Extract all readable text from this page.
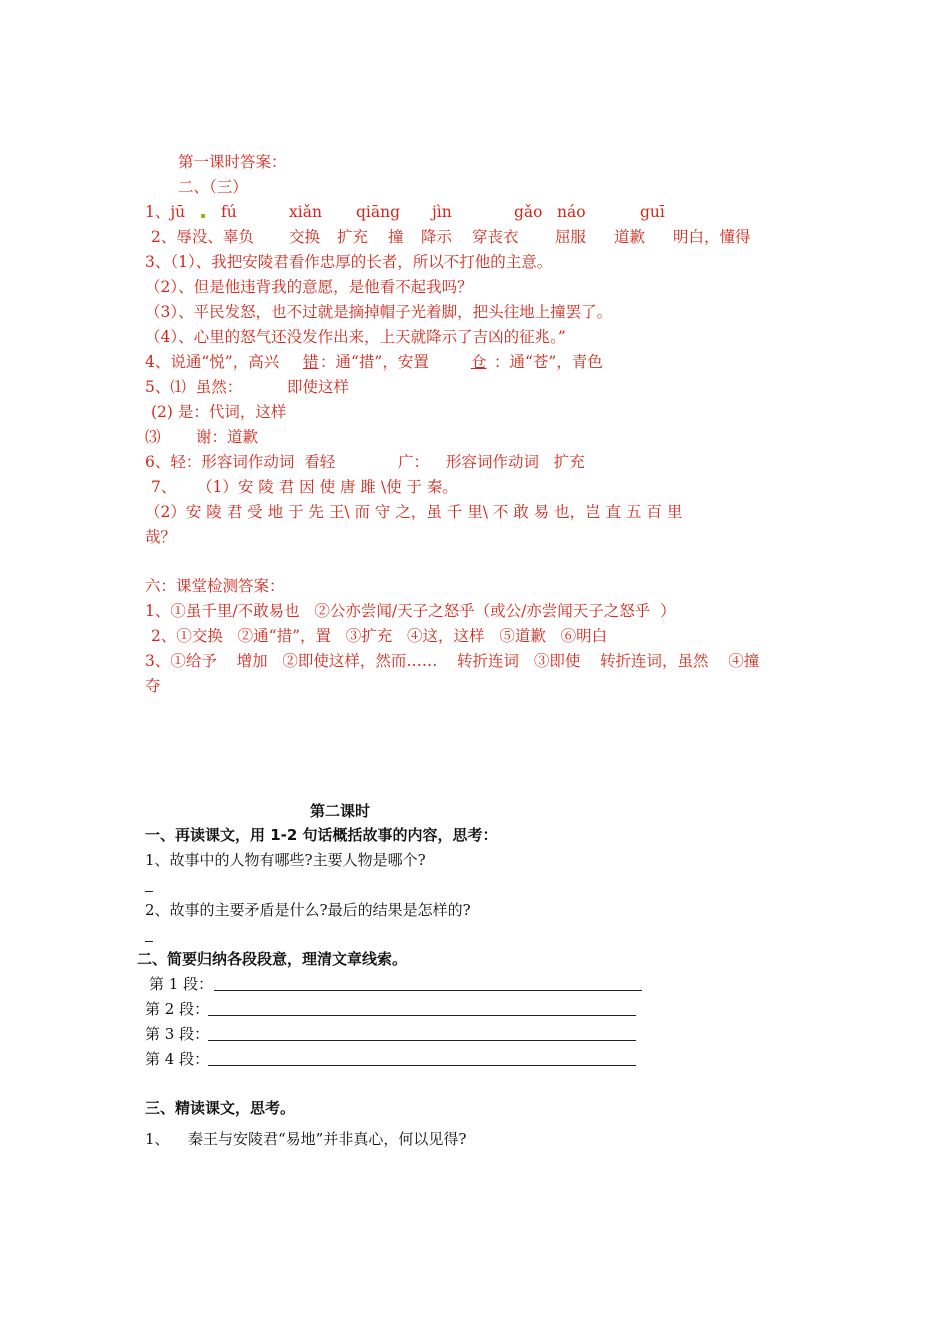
第一课时答案：
二、（三）
1、jū fú	xiǎn qiāng jìn	gǎo náo	guī
2、辱没、辜负 交换 扩充 撞 降示 穿丧衣 屈服 道歉 明白，懂得
3、（1）、我把安陵君看作忠厚的长者，所以不打他的主意。
（2）、但是他违背我的意愿，是他看不起我吗？
（3）、平民发怒，也不过就是摘掉帽子光着脚，把头往地上撞罢了。
（4）、心里的怒气还没发作出来，上天就降示了吉凶的征兆。”
4、说通“悦”，高兴 错 ：通“措”，安置	仓 ：通“苍”，青色
5、⑴  虽然：	即使这样
(2) 是：代词，这样
⑶ 谢：道歉
6、轻：形容词作动词  看轻	广： 形容词作动词   扩充
7、 （1）安 陵 君 因 使 唐 雎 \使 于 秦。
（2）安 陵 君 受 地 于 先 王\ 而 守 之，虽 千 里\ 不 敢 易 也，岂 直 五 百 里
哉？
六：课堂检测答案：
1、①虽千里/不敢易也   ②公亦尝闻/天子之怒乎（或公/亦尝闻天子之怒乎  ）
2、①交换   ②通“措”，置   ③扩充   ④这，这样   ⑤道歉   ⑥明白
3、①给予    增加   ②即使这样，然而……    转折连词   ③即使    转折连词，虽然    ④撞
夺
第二课时
一、再读课文，用 1-2 句话概括故事的内容，思考：
1、故事中的人物有哪些?主要人物是哪个?
2、故事的主要矛盾是什么?最后的结果是怎样的?
二、简要归纳各段段意，理清文章线索。
第 1 段：
第 2 段：
第 3 段：
第 4 段：
三、精读课文，思考。
1、 秦王与安陵君“易地”并非真心，何以见得?
